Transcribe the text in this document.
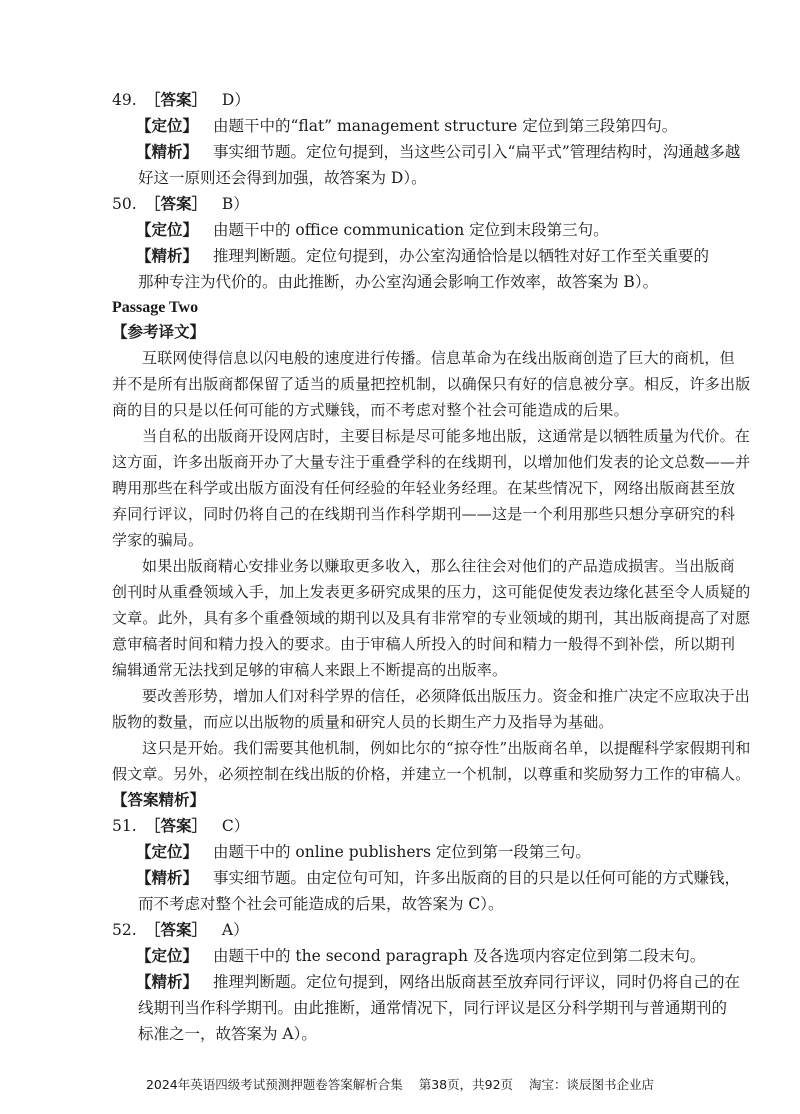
49. ［答案］ D）
【定位】 由题干中的“flat” management structure 定位到第三段第四句。
【精析】 事实细节题。定位句提到，当这些公司引入“扁平式”管理结构时，沟通越多越
好这一原则还会得到加强，故答案为 D）。
50. ［答案］ B）
【定位】 由题干中的 office communication 定位到末段第三句。
【精析】 推理判断题。定位句提到，办公室沟通恰恰是以牺牲对好工作至关重要的
那种专注为代价的。由此推断，办公室沟通会影响工作效率，故答案为 B）。
Passage Two
【参考译文】
互联网使得信息以闪电般的速度进行传播。信息革命为在线出版商创造了巨大的商机，但
并不是所有出版商都保留了适当的质量把控机制，以确保只有好的信息被分享。相反，许多出版
商的目的只是以任何可能的方式赚钱，而不考虑对整个社会可能造成的后果。
当自私的出版商开设网店时，主要目标是尽可能多地出版，这通常是以牺牲质量为代价。在
这方面，许多出版商开办了大量专注于重叠学科的在线期刊，以增加他们发表的论文总数——并
聘用那些在科学或出版方面没有任何经验的年轻业务经理。在某些情况下，网络出版商甚至放
弃同行评议，同时仍将自己的在线期刊当作科学期刊——这是一个利用那些只想分享研究的科
学家的骗局。
如果出版商精心安排业务以赚取更多收入，那么往往会对他们的产品造成损害。当出版商
创刊时从重叠领域入手，加上发表更多研究成果的压力，这可能促使发表边缘化甚至令人质疑的
文章。此外，具有多个重叠领域的期刊以及具有非常窄的专业领域的期刊，其出版商提高了对愿
意审稿者时间和精力投入的要求。由于审稿人所投入的时间和精力一般得不到补偿，所以期刊
编辑通常无法找到足够的审稿人来跟上不断提高的出版率。
要改善形势，增加人们对科学界的信任，必须降低出版压力。资金和推广决定不应取决于出
版物的数量，而应以出版物的质量和研究人员的长期生产力及指导为基础。
这只是开始。我们需要其他机制，例如比尔的“掠夺性”出版商名单，以提醒科学家假期刊和
假文章。另外，必须控制在线出版的价格，并建立一个机制，以尊重和奖励努力工作的审稿人。
【答案精析】
51. ［答案］ C）
【定位】 由题干中的 online publishers 定位到第一段第三句。
【精析】 事实细节题。由定位句可知，许多出版商的目的只是以任何可能的方式赚钱，
而不考虑对整个社会可能造成的后果，故答案为 C）。
52. ［答案］ A）
【定位】 由题干中的 the second paragraph 及各选项内容定位到第二段末句。
【精析】 推理判断题。定位句提到，网络出版商甚至放弃同行评议，同时仍将自己的在
线期刊当作科学期刊。由此推断，通常情况下，同行评议是区分科学期刊与普通期刊的
标准之一，故答案为 A）。
2024年英语四级考试预测押题卷答案解析合集 第38页，共92页 淘宝：谈辰图书企业店
